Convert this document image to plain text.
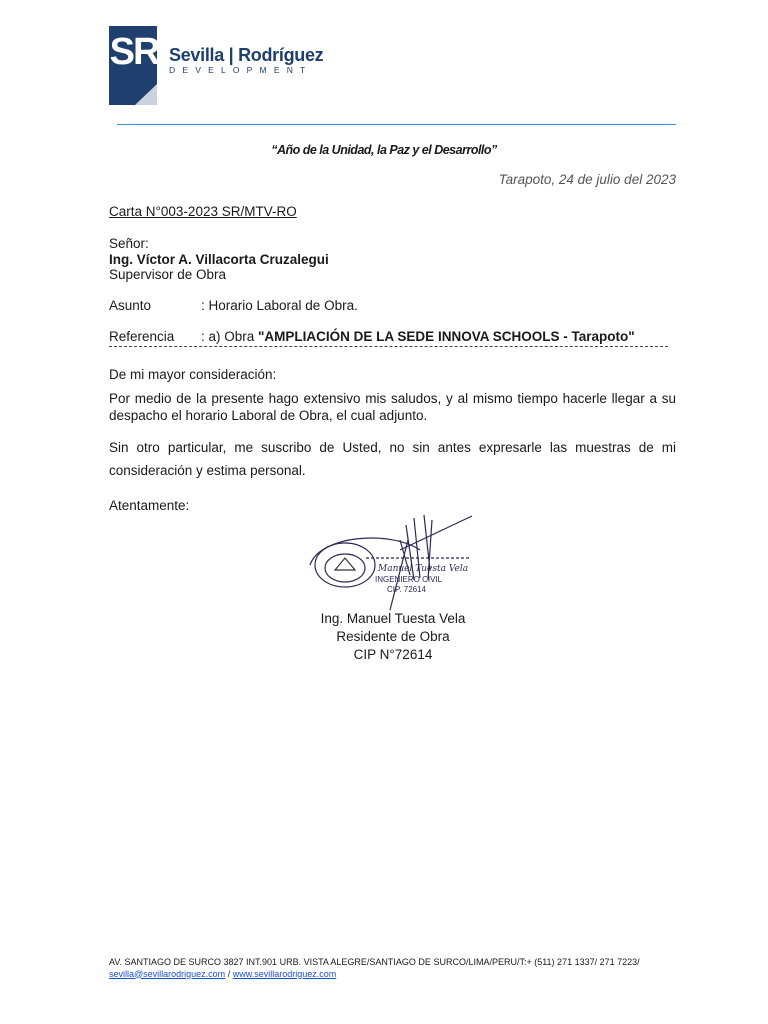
SR Sevilla | Rodríguez
DEVELOPMENT
“Año de la Unidad, la Paz y el Desarrollo”
Tarapoto, 24 de julio del 2023
Carta N°003-2023 SR/MTV-RO
Señor:
Ing. Víctor A. Villacorta Cruzalegui
Supervisor de Obra
Asunto	: Horario Laboral de Obra.
Referencia : a) Obra "AMPLIACIÓN DE LA SEDE INNOVA SCHOOLS - Tarapoto"
De mi mayor consideración:
Por medio de la presente hago extensivo mis saludos, y al mismo tiempo hacerle llegar a su despacho el horario Laboral de Obra, el cual adjunto.
Sin otro particular, me suscribo de Usted, no sin antes expresarle las muestras de mi consideración y estima personal.
Atentamente:
Manuel Tuesta Vela
INGENIERO CIVIL
CIP. 72614
Ing. Manuel Tuesta Vela
Residente de Obra
CIP N°72614
AV. SANTIAGO DE SURCO 3827 INT.901 URB. VISTA ALEGRE/SANTIAGO DE SURCO/LIMA/PERU/T:+ (511) 271 1337/ 271 7223/ sevilla@sevillarodriguez.com / www.sevillarodriguez.com
